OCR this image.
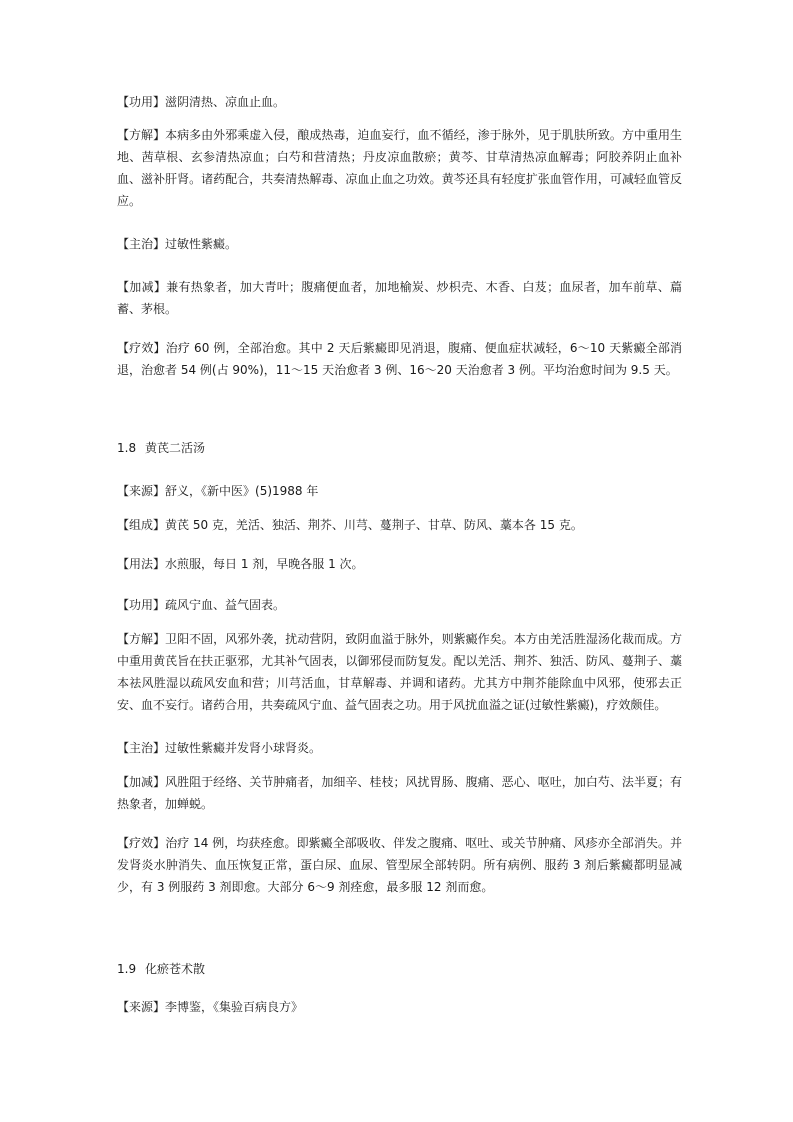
【功用】滋阴清热、凉血止血。

【方解】本病多由外邪乘虚入侵，酿成热毒，迫血妄行，血不循经，渗于脉外，见于肌肤所致。方中重用生地、茜草根、玄参清热凉血；白芍和营清热；丹皮凉血散瘀；黄芩、甘草清热凉血解毒；阿胶养阴止血补血、滋补肝肾。诸药配合，共奏清热解毒、凉血止血之功效。黄芩还具有轻度扩张血管作用，可减轻血管反应。

【主治】过敏性紫癜。

【加减】兼有热象者，加大青叶；腹痛便血者，加地榆炭、炒枳壳、木香、白芨；血尿者，加车前草、萹蓄、茅根。

【疗效】治疗 60 例，全部治愈。其中 2 天后紫癜即见消退，腹痛、便血症状减轻，6～10 天紫癜全部消退，治愈者 54 例(占 90%)，11～15 天治愈者 3 例、16～20 天治愈者 3 例。平均治愈时间为 9.5 天。

1.8 黄芪二活汤

【来源】舒义，《新中医》(5)1988 年

【组成】黄芪 50 克，羌活、独活、荆芥、川芎、蔓荆子、甘草、防风、藁本各 15 克。

【用法】水煎服，每日 1 剂，早晚各服 1 次。

【功用】疏风宁血、益气固表。

【方解】卫阳不固，风邪外袭，扰动营阴，致阴血溢于脉外，则紫癜作矣。本方由羌活胜湿汤化裁而成。方中重用黄芪旨在扶正驱邪，尤其补气固表，以御邪侵而防复发。配以羌活、荆芥、独活、防风、蔓荆子、藁本祛风胜湿以疏风安血和营；川芎活血，甘草解毒、并调和诸药。尤其方中荆芥能除血中风邪，使邪去正安、血不妄行。诸药合用，共奏疏风宁血、益气固表之功。用于风扰血溢之证(过敏性紫癜)，疗效颇佳。

【主治】过敏性紫癜并发肾小球肾炎。

【加减】风胜阻于经络、关节肿痛者，加细辛、桂枝；风扰胃肠、腹痛、恶心、呕吐，加白芍、法半夏；有热象者，加蝉蜕。

【疗效】治疗 14 例，均获痊愈。即紫癜全部吸收、伴发之腹痛、呕吐、或关节肿痛、风疹亦全部消失。并发肾炎水肿消失、血压恢复正常，蛋白尿、血尿、管型尿全部转阴。所有病例、服药 3 剂后紫癜都明显减少，有 3 例服药 3 剂即愈。大部分 6～9 剂痊愈，最多服 12 剂而愈。

1.9 化瘀苍术散

【来源】李博鉴，《集验百病良方》
